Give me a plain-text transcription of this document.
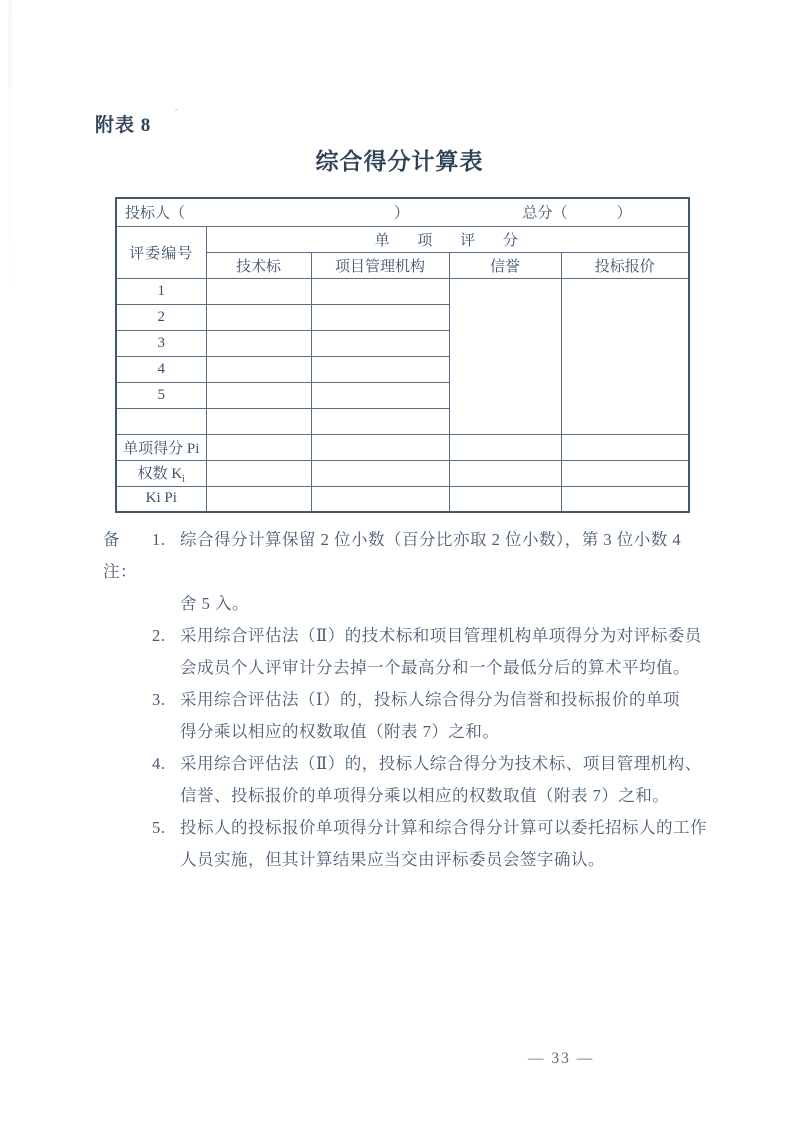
附表 8
ˊ
综合得分计算表
投标人（ ） 总分（ ）				

评委编号	单 项 评 分			
	技术标	项目管理机构	信誉	投标报价
1				
2				
3				
4				
5				

单项得分 Pi				
权数 $K_i$				
Ki Pi				
备注：
1. 综合得分计算保留 2 位小数（百分比亦取 2 位小数），第 3 位小数 4
舍 5 入。
2. 采用综合评估法（Ⅱ）的技术标和项目管理机构单项得分为对评标委员
会成员个人评审计分去掉一个最高分和一个最低分后的算术平均值。
3. 采用综合评估法（Ⅰ）的，投标人综合得分为信誉和投标报价的单项
得分乘以相应的权数取值（附表 7）之和。
4. 采用综合评估法（Ⅱ）的，投标人综合得分为技术标、项目管理机构、
信誉、投标报价的单项得分乘以相应的权数取值（附表 7）之和。
5. 投标人的投标报价单项得分计算和综合得分计算可以委托招标人的工作
人员实施，但其计算结果应当交由评标委员会签字确认。
— 33 —
